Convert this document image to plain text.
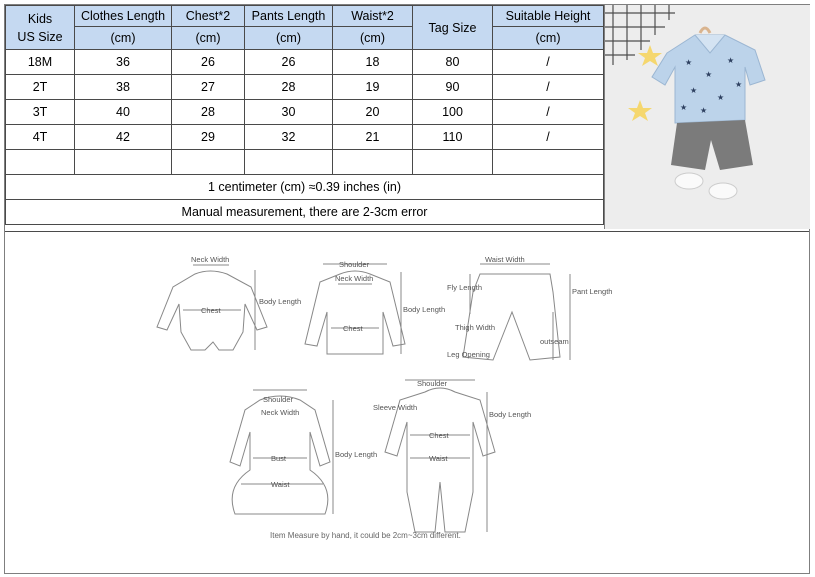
Kids
US Size	Clothes Length	Chest*2	Pants Length	Waist*2	Tag Size	Suitable Height
	(cm)	(cm)	(cm)	(cm)		(cm)
18M	36	26	26	18	80	/
2T	38	27	28	19	90	/
3T	40	28	30	20	100	/
4T	42	29	32	21	110	/

1 centimeter (cm) ≈0.39 inches (in)						
Manual measurement, there are 2-3cm error						
★
★
★
★
★
★
★
★
Neck Width
Chest
Body Length
Shoulder
Neck Width
Chest
Body Length
Waist Width
Fly Length	Pant Length
Thigh Width
outseam
Leg Opening
Shoulder
Neck Width
Bust
Waist
Body Length
Shoulder
Sleeve Width
Chest
Waist
Body Length
Item Measure by hand, it could be 2cm~3cm different.
